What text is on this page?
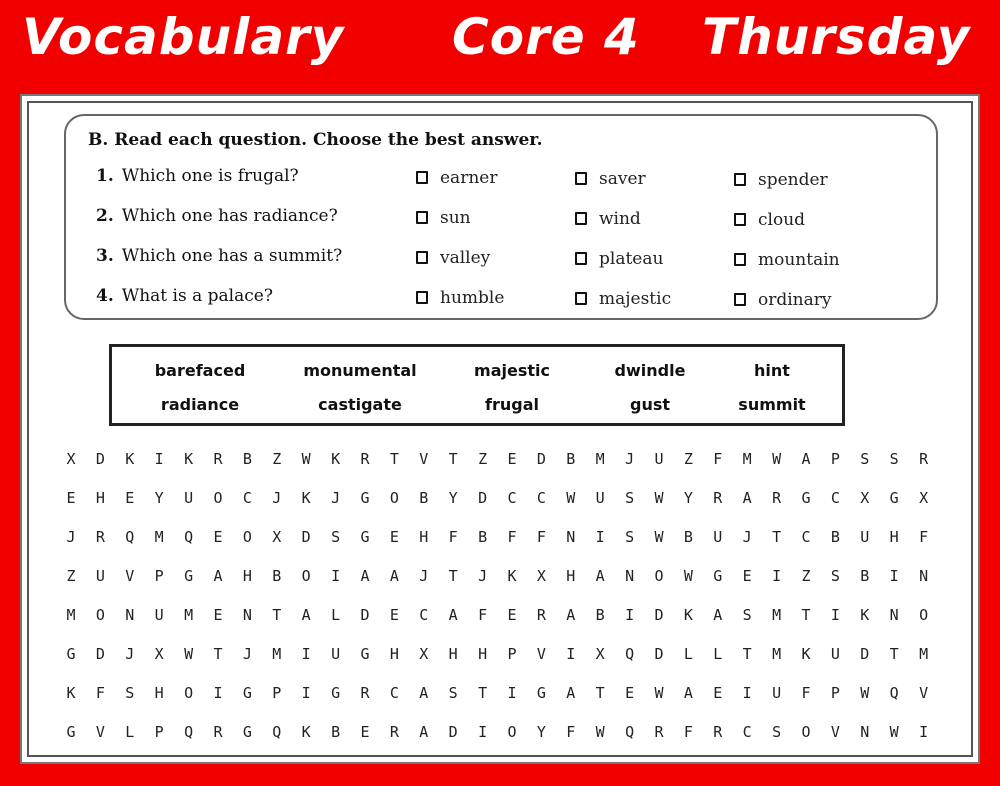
Vocabulary Core 4 Thursday
B. Read each question. Choose the best answer.
1. Which one is frugal?	earner	saver	spender
2. Which one has radiance?	sun	wind	cloud
3. Which one has a summit?	valley	plateau	mountain
4. What is a palace?	humble	majestic	ordinary
barefaced	monumental	majestic	dwindle	hint
radiance	castigate	frugal	gust	summit
X	D	K	I	K	R	B	Z	W	K	R	T	V	T	Z	E	D	B	M	J	U	Z	F	M	W	A	P	S	S	R
E	H	E	Y	U	O	C	J	K	J	G	O	B	Y	D	C	C	W	U	S	W	Y	R	A	R	G	C	X	G	X
J	R	Q	M	Q	E	O	X	D	S	G	E	H	F	B	F	F	N	I	S	W	B	U	J	T	C	B	U	H	F
Z	U	V	P	G	A	H	B	O	I	A	A	J	T	J	K	X	H	A	N	O	W	G	E	I	Z	S	B	I	N
M	O	N	U	M	E	N	T	A	L	D	E	C	A	F	E	R	A	B	I	D	K	A	S	M	T	I	K	N	O
G	D	J	X	W	T	J	M	I	U	G	H	X	H	H	P	V	I	X	Q	D	L	L	T	M	K	U	D	T	M
K	F	S	H	O	I	G	P	I	G	R	C	A	S	T	I	G	A	T	E	W	A	E	I	U	F	P	W	Q	V
G	V	L	P	Q	R	G	Q	K	B	E	R	A	D	I	O	Y	F	W	Q	R	F	R	C	S	O	V	N	W	I
